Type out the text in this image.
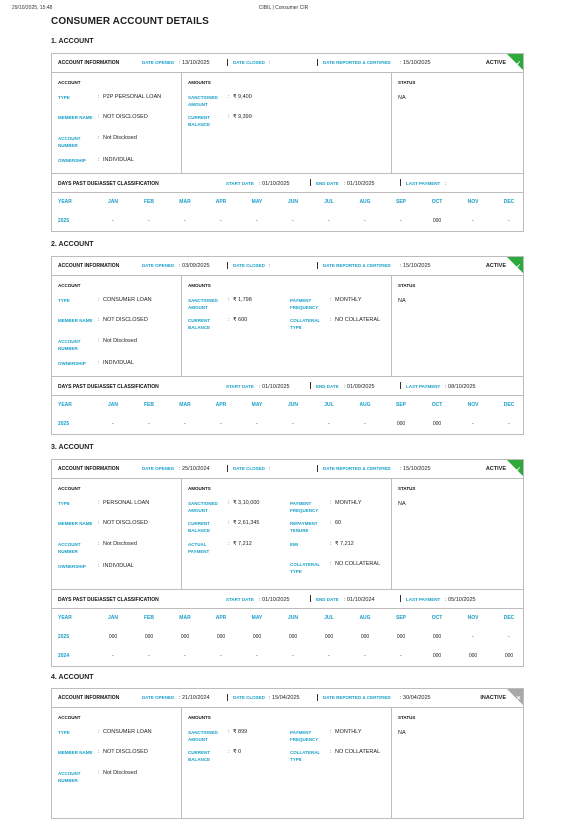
29/10/2025, 15:48	CIBIL | Consumer CIR
CONSUMER ACCOUNT DETAILS
1. ACCOUNT
ACCOUNT INFORMATION	DATE OPENED : 13/10/2025	DATE CLOSED :	DATE REPORTED & CERTIFIED : 15/10/2025	ACTIVE ✓
ACCOUNT
TYPE	: P2P PERSONAL LOAN
MEMBER NAME : NOT DISCLOSED
ACCOUNT NUMBER
: Not Disclosed
OWNERSHIP	: INDIVIDUAL
AMOUNTS
SANCTIONED AMOUNT
: ₹ 9,400
CURRENT BALANCE
: ₹ 9,399
STATUS
NA
DAYS PAST DUE/ASSET CLASSIFICATION	START DATE : 01/10/2025	END DATE : 01/10/2025	LAST PAYMENT :
YEAR	JAN	FEB	MAR	APR	MAY	JUN	JUL	AUG	SEP	OCT	NOV	DEC
2025	-	-	-	-	-	-	-	-	-	000	-	-
2. ACCOUNT
ACCOUNT INFORMATION	DATE OPENED : 03/09/2025	DATE CLOSED :	DATE REPORTED & CERTIFIED : 15/10/2025	ACTIVE ✓
ACCOUNT
TYPE	: CONSUMER LOAN
MEMBER NAME : NOT DISCLOSED
ACCOUNT NUMBER
: Not Disclosed
OWNERSHIP	: INDIVIDUAL
AMOUNTS
SANCTIONED AMOUNT
: ₹ 1,798
CURRENT BALANCE
: ₹ 600
PAYMENT FREQUENCY
: MONTHLY
COLLATERAL TYPE
: NO COLLATERAL
STATUS
NA
DAYS PAST DUE/ASSET CLASSIFICATION	START DATE : 01/10/2025	END DATE : 01/09/2025	LAST PAYMENT : 08/10/2025
YEAR	JAN	FEB	MAR	APR	MAY	JUN	JUL	AUG	SEP	OCT	NOV	DEC
2025	-	-	-	-	-	-	-	-	000	000	-	-
3. ACCOUNT
ACCOUNT INFORMATION	DATE OPENED : 25/10/2024	DATE CLOSED :	DATE REPORTED & CERTIFIED : 15/10/2025	ACTIVE ✓
ACCOUNT
TYPE	: PERSONAL LOAN
MEMBER NAME : NOT DISCLOSED
ACCOUNT NUMBER
: Not Disclosed
OWNERSHIP	: INDIVIDUAL
AMOUNTS
SANCTIONED AMOUNT
: ₹ 3,10,000
CURRENT BALANCE
: ₹ 2,61,345
ACTUAL PAYMENT
: ₹ 7,212
PAYMENT FREQUENCY
: MONTHLY
REPAYMENT TENURE
: 60
EMI	: ₹ 7,212
COLLATERAL TYPE
: NO COLLATERAL
STATUS
NA
DAYS PAST DUE/ASSET CLASSIFICATION	START DATE : 01/10/2025	END DATE : 01/10/2024	LAST PAYMENT : 05/10/2025
YEAR	JAN	FEB	MAR	APR	MAY	JUN	JUL	AUG	SEP	OCT	NOV	DEC
2025	000	000	000	000	000	000	000	000	000	000	-	-
2024	-	-	-	-	-	-	-	-	-	000	000	000
4. ACCOUNT
ACCOUNT INFORMATION	DATE OPENED : 21/10/2024	DATE CLOSED : 15/04/2025	DATE REPORTED & CERTIFIED : 30/04/2025	INACTIVE ✕
ACCOUNT
TYPE	: CONSUMER LOAN
MEMBER NAME : NOT DISCLOSED
ACCOUNT NUMBER
: Not Disclosed
AMOUNTS
SANCTIONED AMOUNT
: ₹ 899
CURRENT BALANCE
: ₹ 0
PAYMENT FREQUENCY
: MONTHLY
COLLATERAL TYPE
: NO COLLATERAL
STATUS
NA
